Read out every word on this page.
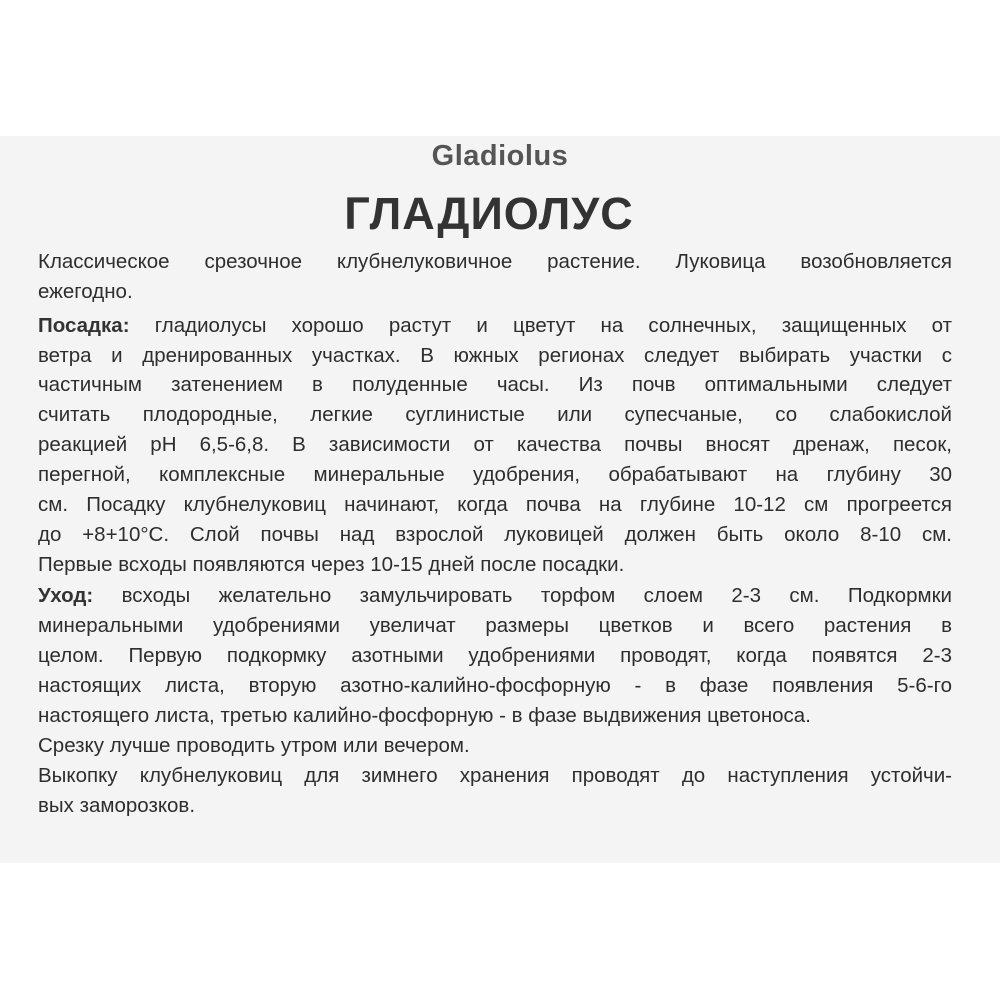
Gladiolus
ГЛАДИОЛУС
Классическое срезочное клубнелуковичное растение. Луковица возобновляется
ежегодно.
Посадка: гладиолусы хорошо растут и цветут на солнечных, защищенных от
ветра и дренированных участках. В южных регионах следует выбирать участки с
частичным затенением в полуденные часы. Из почв оптимальными следует
считать плодородные, легкие суглинистые или супесчаные, со слабокислой
реакцией рН 6,5-6,8. В зависимости от качества почвы вносят дренаж, песок,
перегной, комплексные минеральные удобрения, обрабатывают на глубину 30
см. Посадку клубнелуковиц начинают, когда почва на глубине 10-12 см прогреется
до +8+10°С. Слой почвы над взрослой луковицей должен быть около 8-10 см.
Первые всходы появляются через 10-15 дней после посадки.
Уход: всходы желательно замульчировать торфом слоем 2-3 см. Подкормки
минеральными удобрениями увеличат размеры цветков и всего растения в
целом. Первую подкормку азотными удобрениями проводят, когда появятся 2-3
настоящих листа, вторую азотно-калийно-фосфорную - в фазе появления 5-6-го
настоящего листа, третью калийно-фосфорную - в фазе выдвижения цветоноса.
Срезку лучше проводить утром или вечером.
Выкопку клубнелуковиц для зимнего хранения проводят до наступления устойчи-
вых заморозков.
